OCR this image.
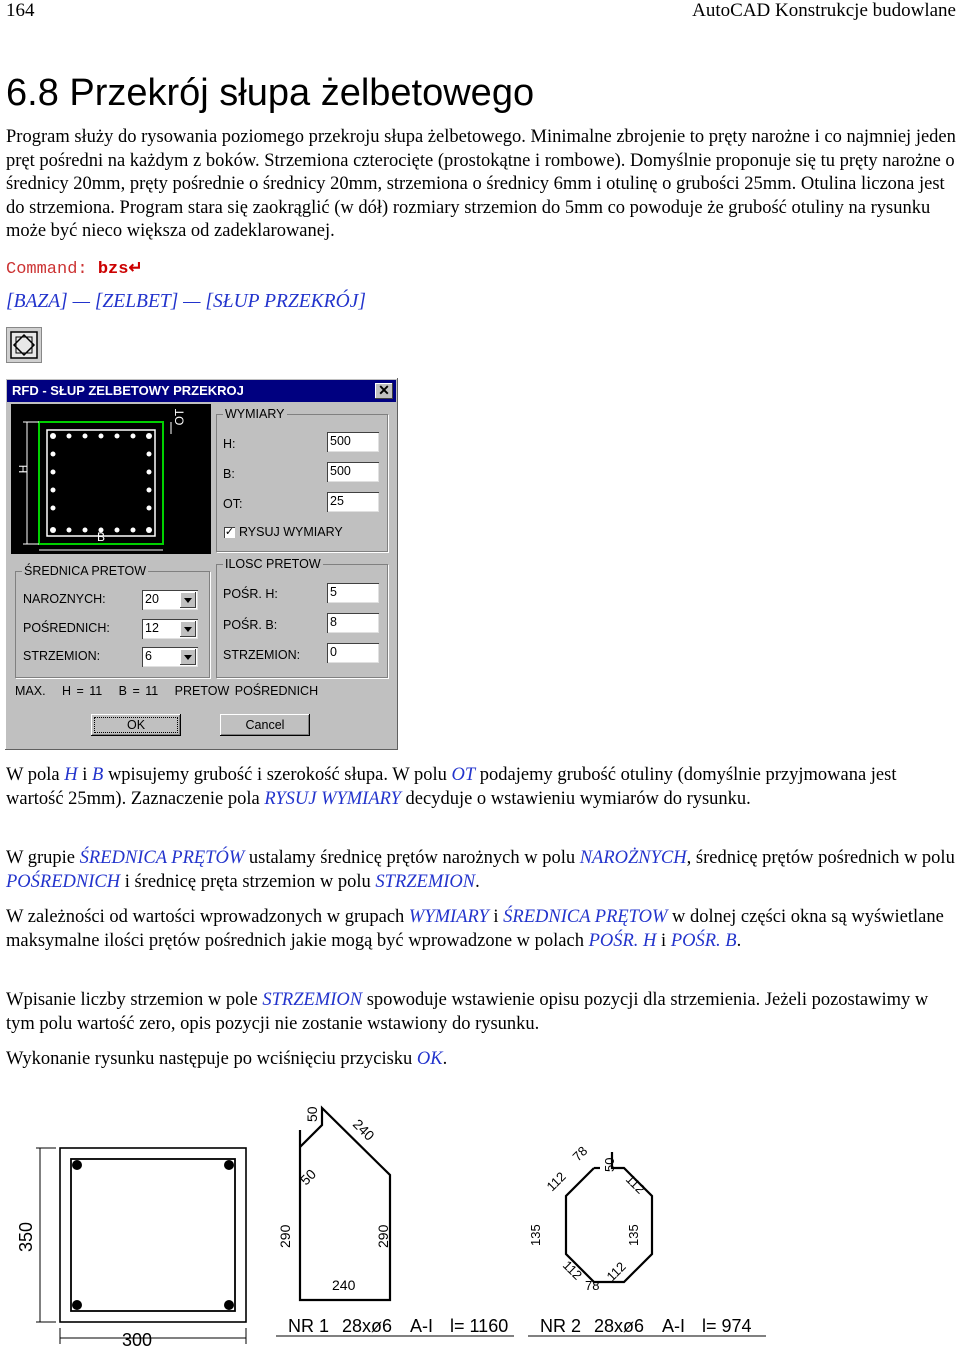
164	AutoCAD Konstrukcje budowlane
6.8 Przekrój słupa żelbetowego

Program służy do rysowania poziomego przekroju słupa żelbetowego. Minimalne zbrojenie to pręty narożne i co najmniej jeden pręt pośredni na każdym z boków. Strzemiona czterocięte (prostokątne i rombowe). Domyślnie proponuje się tu pręty narożne o średnicy 20mm, pręty pośrednie o średnicy 20mm, strzemiona o średnicy 6mm i otulinę o grubości 25mm. Otulina liczona jest do strzemiona. Program stara się zaokrąglić (w dół) rozmiary strzemion do 5mm co powoduje że grubość otuliny na rysunku może być nieco większa od zadeklarowanej.

Command: bzs↵
[BAZA] — [ZELBET] — [SŁUP PRZEKRÓJ]
RFD - SŁUP ZELBETOWY PRZEKROJ	✕
H
B
OT	WYMIARY
H:	500
B:	500
OT:	25
✓ RYSUJ WYMIARY
ŚREDNICA PRETOW
NAROZNYCH:	20
POŚREDNICH:	12
STRZEMION:	6
ILOSC PRETOW
POŚR. H:	5
POŚR. B:	8
STRZEMION: 0
MAX. H = 11 B = 11 PRETOW POŚREDNICH
OK	Cancel

W pola H i B wpisujemy grubość i szerokość słupa. W polu OT podajemy grubość otuliny (domyślnie przyjmowana jest wartość 25mm). Zaznaczenie pola RYSUJ WYMIARY decyduje o wstawieniu wymiarów do rysunku.

W grupie ŚREDNICA PRĘTÓW ustalamy średnicę prętów narożnych w polu NAROŻNYCH, średnicę prętów pośrednich w polu POŚREDNICH i średnicę pręta strzemion w polu STRZEMION.

W zależności od wartości wprowadzonych w grupach WYMIARY i ŚREDNICA PRĘTOW w dolnej części okna są wyświetlane maksymalne ilości prętów pośrednich jakie mogą być wprowadzone w polach POŚR. H i POŚR. B.

Wpisanie liczby strzemion w pole STRZEMION spowoduje wstawienie opisu pozycji dla strzemienia. Jeżeli pozostawimy w tym polu wartość zero, opis pozycji nie zostanie wstawiony do rysunku.

Wykonanie rysunku następuje po wciśnięciu przycisku OK.

350
300
50
240
50
290	290
240
NR 1 28xø6 A-I l= 1160
112
78
50
112
135	135
112
78
112
NR 2 28xø6 A-I l= 974
